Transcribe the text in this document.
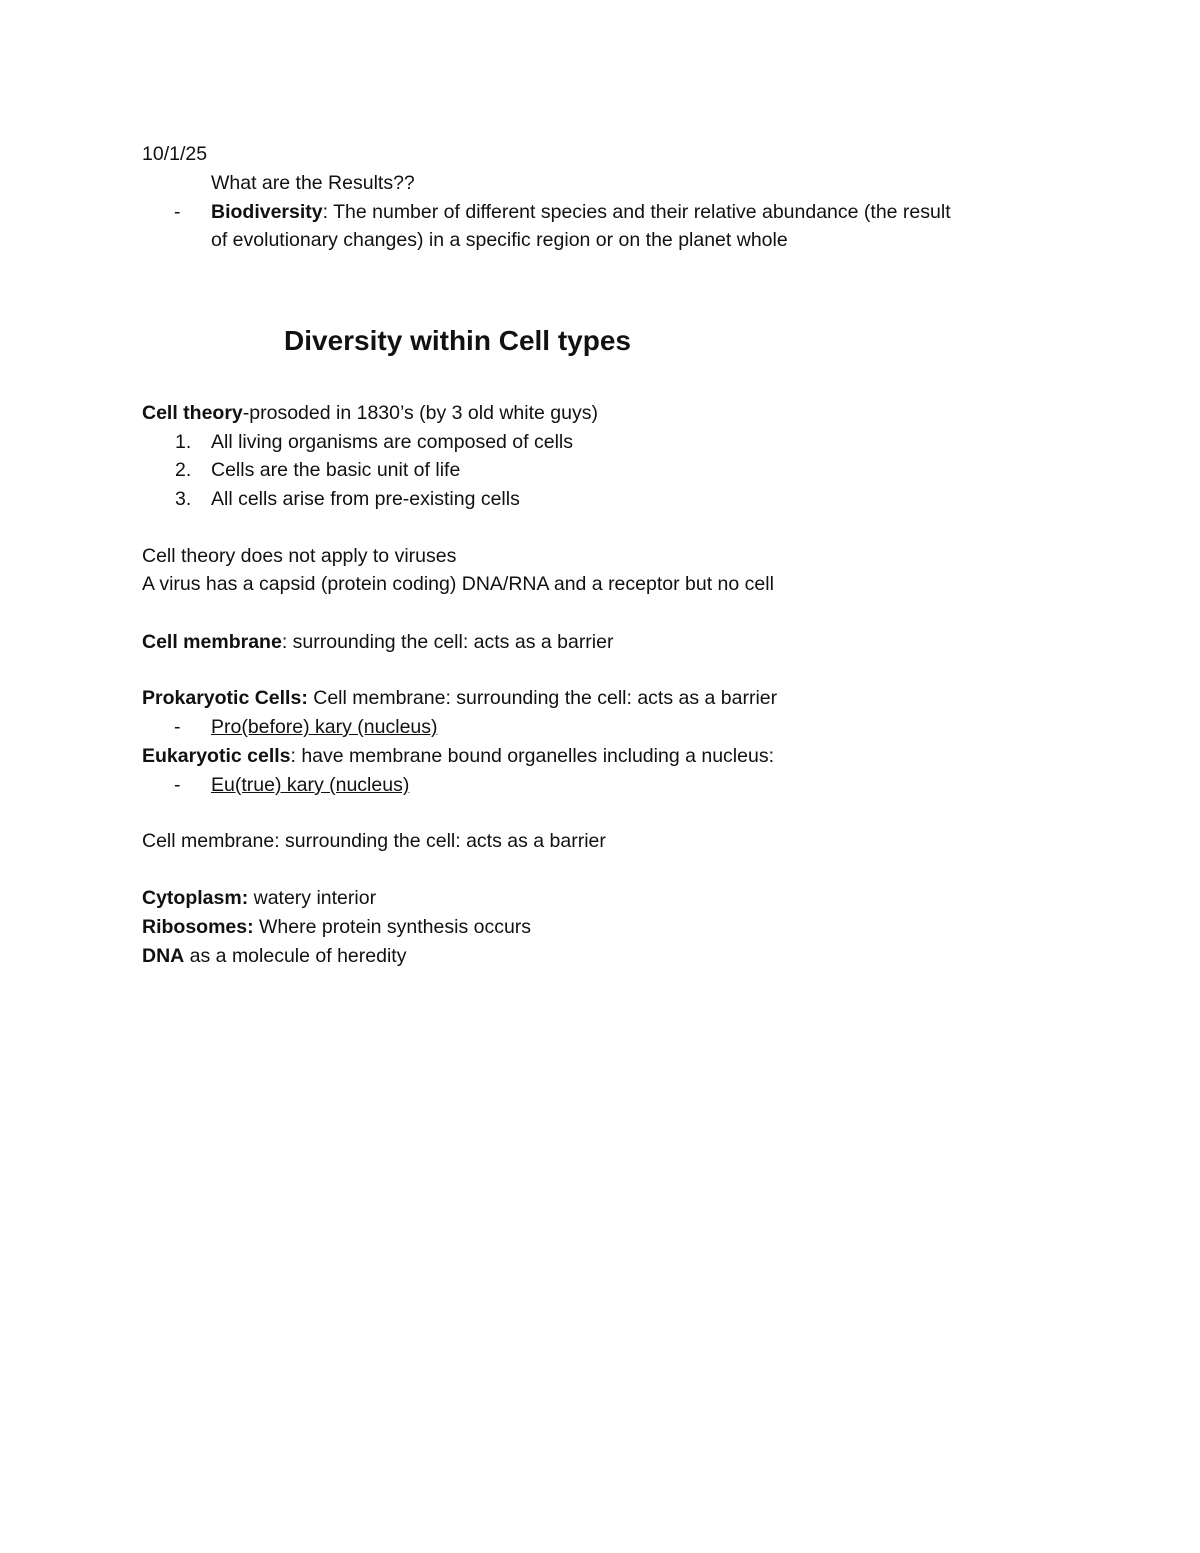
10/1/25
What are the Results??
- Biodiversity: The number of different species and their relative abundance (the result
of evolutionary changes) in a specific region or on the planet whole
Diversity within Cell types
Cell theory-prosoded in 1830’s (by 3 old white guys)
1. All living organisms are composed of cells
2. Cells are the basic unit of life
3. All cells arise from pre-existing cells
Cell theory does not apply to viruses
A virus has a capsid (protein coding) DNA/RNA and a receptor but no cell
Cell membrane: surrounding the cell: acts as a barrier
Prokaryotic Cells: Cell membrane: surrounding the cell: acts as a barrier
- Pro(before) kary (nucleus)
Eukaryotic cells: have membrane bound organelles including a nucleus:
- Eu(true) kary (nucleus)
Cell membrane: surrounding the cell: acts as a barrier
Cytoplasm: watery interior
Ribosomes: Where protein synthesis occurs
DNA as a molecule of heredity
